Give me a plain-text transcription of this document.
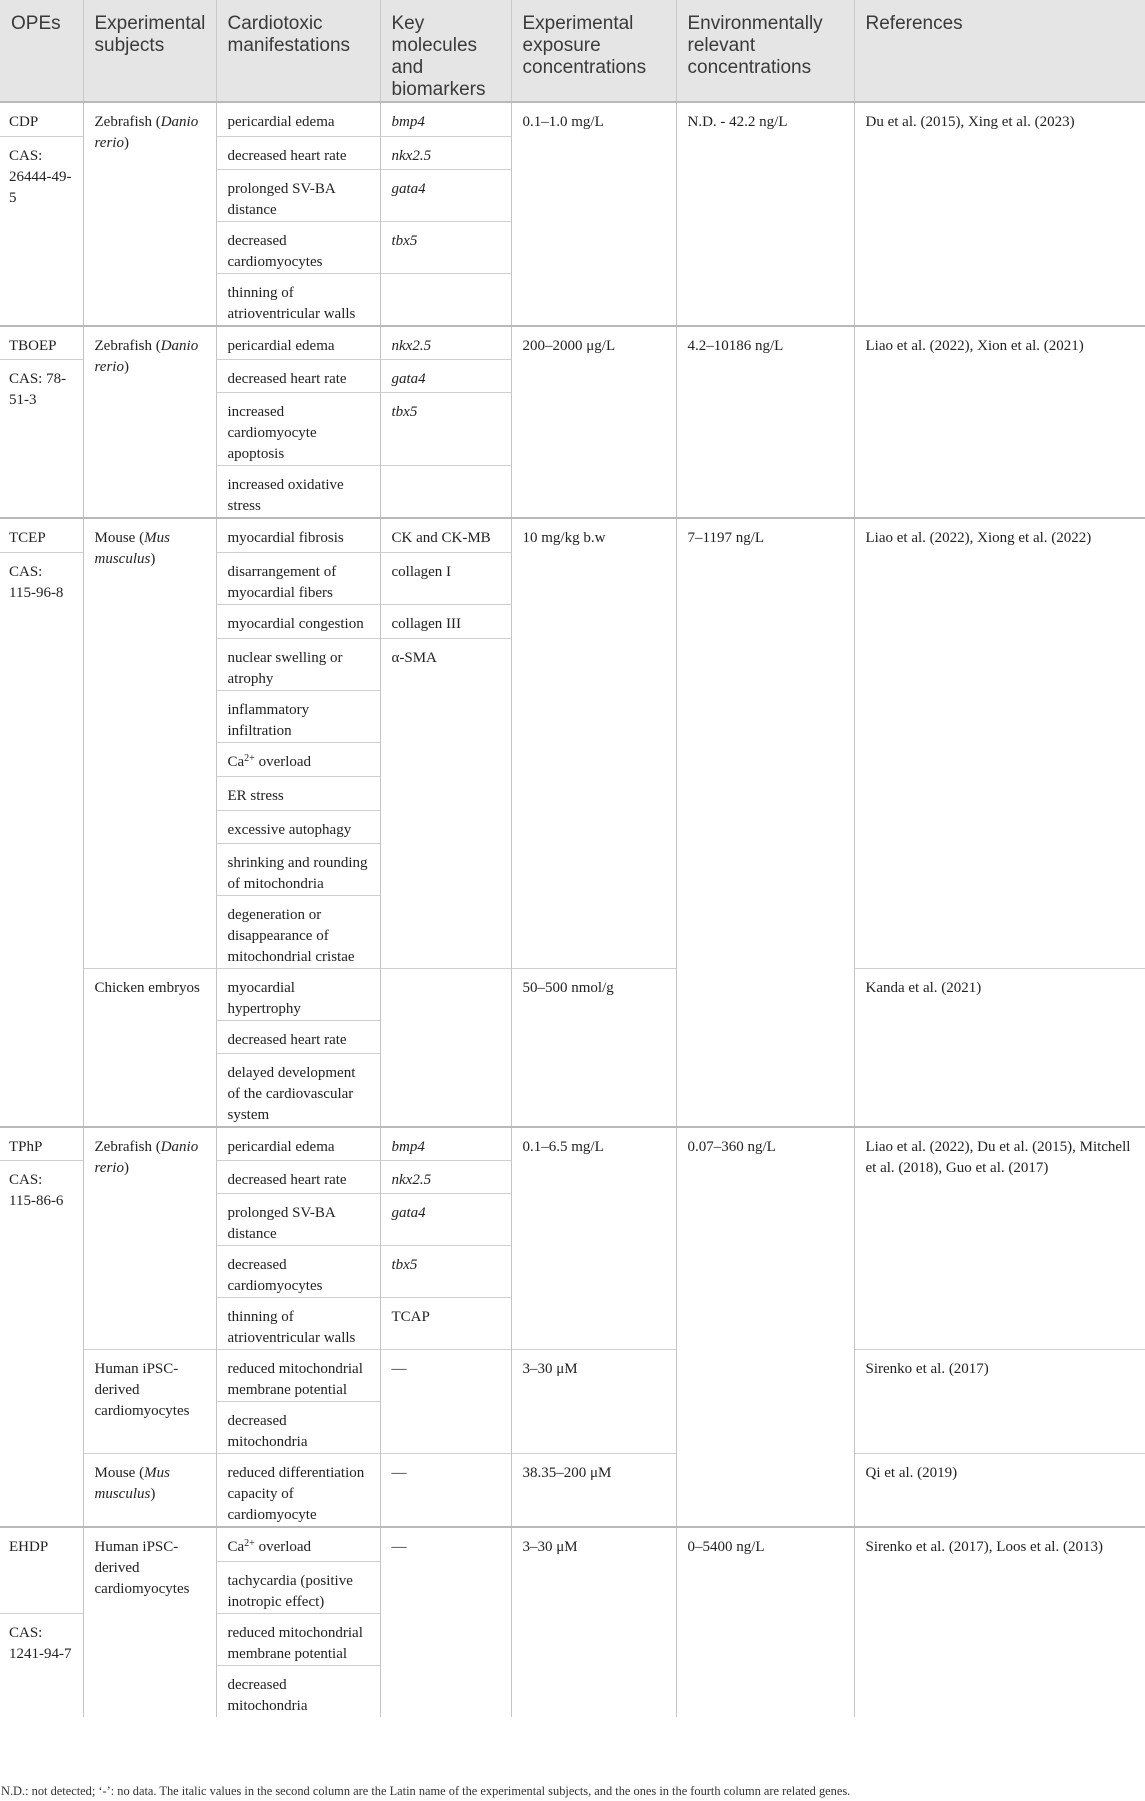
OPEs	Experimental subjects	Cardiotoxic manifestations	Key molecules and biomarkers	Experimental exposure concentrations	Environmentally relevant concentrations	References
CDP	Zebrafish (Danio rerio)	pericardial edema	bmp4	0.1–1.0 mg/L	N.D. - 42.2 ng/L	Du et al. (2015), Xing et al. (2023)
CAS: 26444-49-5		decreased heart rate	nkx2.5			
		prolonged SV-BA distance	gata4			
		decreased cardiomyocytes	tbx5			
		thinning of atrioventricular walls				
TBOEP	Zebrafish (Danio rerio)	pericardial edema	nkx2.5	200–2000 μg/L	4.2–10186 ng/L	Liao et al. (2022), Xion et al. (2021)
CAS: 78-51-3		decreased heart rate	gata4			
		increased cardiomyocyte apoptosis	tbx5			
		increased oxidative stress				
TCEP	Mouse (Mus musculus)	myocardial fibrosis	CK and CK-MB	10 mg/kg b.w	7–1197 ng/L	Liao et al. (2022), Xiong et al. (2022)
CAS: 115-96-8		disarrangement of myocardial fibers	collagen I			
		myocardial congestion	collagen III			
		nuclear swelling or atrophy	α-SMA			
		inflammatory infiltration				
		$Ca^{2+}$ overload				
		ER stress				
		excessive autophagy				
		shrinking and rounding of mitochondria				
		degeneration or disappearance of mitochondrial cristae				
	Chicken embryos	myocardial hypertrophy		50–500 nmol/g		Kanda et al. (2021)
		decreased heart rate				
		delayed development of the cardiovascular system				
TPhP	Zebrafish (Danio rerio)	pericardial edema	bmp4	0.1–6.5 mg/L	0.07–360 ng/L	Liao et al. (2022), Du et al. (2015), Mitchell et al. (2018), Guo et al. (2017)
CAS: 115-86-6		decreased heart rate	nkx2.5			
		prolonged SV-BA distance	gata4			
		decreased cardiomyocytes	tbx5			
		thinning of atrioventricular walls	TCAP			
	Human iPSC-derived cardiomyocytes	reduced mitochondrial membrane potential	—	3–30 μM		Sirenko et al. (2017)
		decreased mitochondria				
	Mouse (Mus musculus)	reduced differentiation capacity of cardiomyocyte	—	38.35–200 μM		Qi et al. (2019)
EHDP	Human iPSC-derived cardiomyocytes	$Ca^{2+}$ overload	—	3–30 μM	0–5400 ng/L	Sirenko et al. (2017), Loos et al. (2013)
		tachycardia (positive inotropic effect)				
CAS: 1241-94-7		reduced mitochondrial membrane potential				
		decreased mitochondria				
N.D.: not detected; ‘-’: no data. The italic values in the second column are the Latin name of the experimental subjects, and the ones in the fourth column are related genes.
